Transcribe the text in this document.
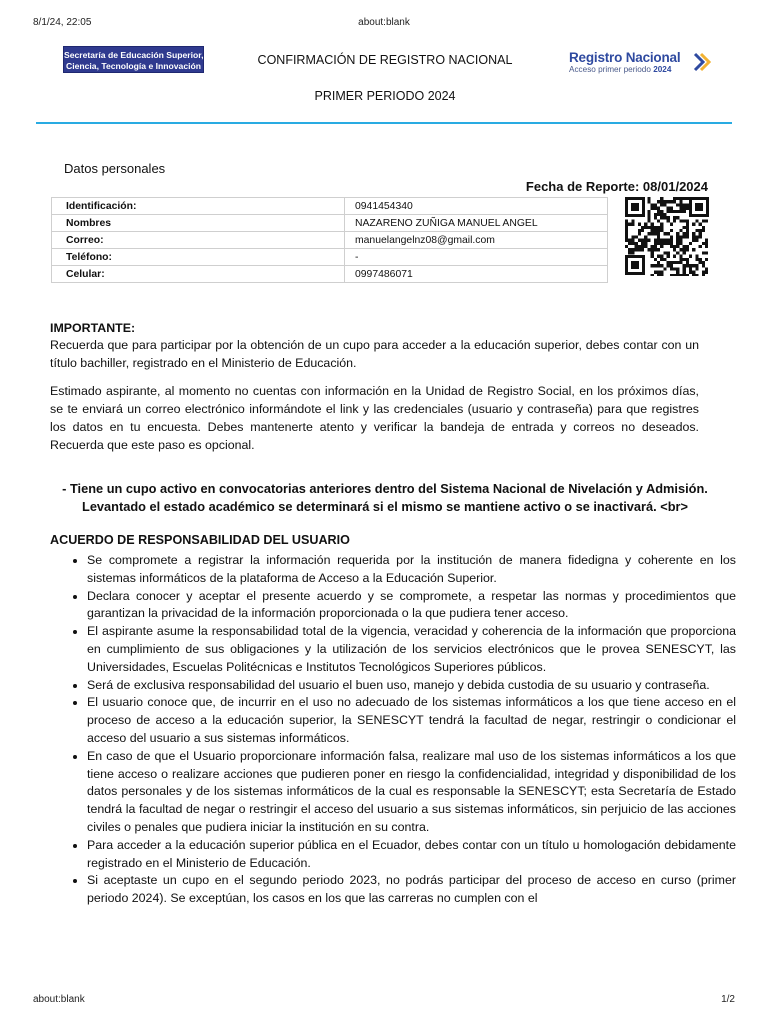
8/1/24, 22:05	about:blank
Secretaría de Educación Superior,
Ciencia, Tecnología e Innovación	CONFIRMACIÓN DE REGISTRO NACIONAL
PRIMER PERIODO 2024
Registro Nacional
Acceso primer periodo 2024
Datos personales
Fecha de Reporte: 08/01/2024
Identificación:	0941454340
Nombres	NAZARENO ZUÑIGA MANUEL ANGEL
Correo:	manuelangelnz08@gmail.com
Teléfono:	-
Celular:	0997486071
IMPORTANTE:
Recuerda que para participar por la obtención de un cupo para acceder a la educación superior, debes contar con un título bachiller, registrado en el Ministerio de Educación.
Estimado aspirante, al momento no cuentas con información en la Unidad de Registro Social, en los próximos días, se te enviará un correo electrónico informándote el link y las credenciales (usuario y contraseña) para que registres los datos en tu encuesta. Debes mantenerte atento y verificar la bandeja de entrada y correos no deseados. Recuerda que este paso es opcional.
- Tiene un cupo activo en convocatorias anteriores dentro del Sistema Nacional de Nivelación y Admisión. Levantado el estado académico se determinará si el mismo se mantiene activo o se inactivará. <br>
ACUERDO DE RESPONSABILIDAD DEL USUARIO
• Se compromete a registrar la información requerida por la institución de manera fidedigna y coherente en los sistemas informáticos de la plataforma de Acceso a la Educación Superior.
• Declara conocer y aceptar el presente acuerdo y se compromete, a respetar las normas y procedimientos que garantizan la privacidad de la información proporcionada o la que pudiera tener acceso.
• El aspirante asume la responsabilidad total de la vigencia, veracidad y coherencia de la información que proporciona en cumplimiento de sus obligaciones y la utilización de los servicios electrónicos que le provea SENESCYT, las Universidades, Escuelas Politécnicas e Institutos Tecnológicos Superiores públicos.
• Será de exclusiva responsabilidad del usuario el buen uso, manejo y debida custodia de su usuario y contraseña.
• El usuario conoce que, de incurrir en el uso no adecuado de los sistemas informáticos a los que tiene acceso en el proceso de acceso a la educación superior, la SENESCYT tendrá la facultad de negar, restringir o condicionar el acceso del usuario a sus sistemas informáticos.
• En caso de que el Usuario proporcionare información falsa, realizare mal uso de los sistemas informáticos a los que tiene acceso o realizare acciones que pudieren poner en riesgo la confidencialidad, integridad y disponibilidad de los datos personales y de los sistemas informáticos de la cual es responsable la SENESCYT; esta Secretaría de Estado tendrá la facultad de negar o restringir el acceso del usuario a sus sistemas informáticos, sin perjuicio de las acciones civiles o penales que pudiera iniciar la institución en su contra.
• Para acceder a la educación superior pública en el Ecuador, debes contar con un título u homologación debidamente registrado en el Ministerio de Educación.
• Si aceptaste un cupo en el segundo periodo 2023, no podrás participar del proceso de acceso en curso (primer periodo 2024). Se exceptúan, los casos en los que las carreras no cumplen con el
about:blank	1/2
